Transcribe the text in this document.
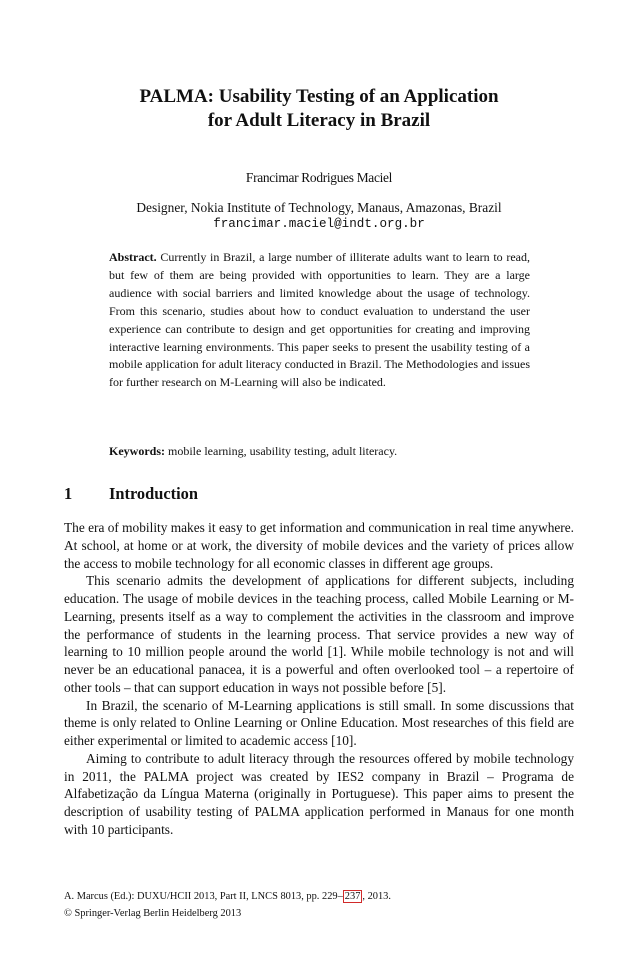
PALMA: Usability Testing of an Application
for Adult Literacy in Brazil
Francimar Rodrigues Maciel
Designer, Nokia Institute of Technology, Manaus, Amazonas, Brazil
francimar.maciel@indt.org.br
Abstract. Currently in Brazil, a large number of illiterate adults want to learn to read, but few of them are being provided with opportunities to learn. They are a large audience with social barriers and limited knowledge about the usage of technology. From this scenario, studies about how to conduct evaluation to understand the user experience can contribute to design and get opportunities for creating and improving interactive learning environments. This paper seeks to present the usability testing of a mobile application for adult literacy conducted in Brazil. The Methodologies and issues for further research on M-Learning will also be indicated.
Keywords: mobile learning, usability testing, adult literacy.
1 Introduction

The era of mobility makes it easy to get information and communication in real time anywhere. At school, at home or at work, the diversity of mobile devices and the variety of prices allow the access to mobile technology for all economic classes in different age groups.

This scenario admits the development of applications for different subjects, including education. The usage of mobile devices in the teaching process, called Mobile Learning or M-Learning, presents itself as a way to complement the activities in the classroom and improve the performance of students in the learning process. That service provides a new way of learning to 10 million people around the world [1]. While mobile technology is not and will never be an educational panacea, it is a powerful and often overlooked tool – a repertoire of other tools – that can support education in ways not possible before [5].

In Brazil, the scenario of M-Learning applications is still small. In some discussions that theme is only related to Online Learning or Online Education. Most researches of this field are either experimental or limited to academic access [10].

Aiming to contribute to adult literacy through the resources offered by mobile technology in 2011, the PALMA project was created by IES2 company in Brazil – Programa de Alfabetização da Língua Materna (originally in Portuguese). This paper aims to present the description of usability testing of PALMA application performed in Manaus for one month with 10 participants.

A. Marcus (Ed.): DUXU/HCII 2013, Part II, LNCS 8013, pp. 229– 237 , 2013.
© Springer-Verlag Berlin Heidelberg 2013
